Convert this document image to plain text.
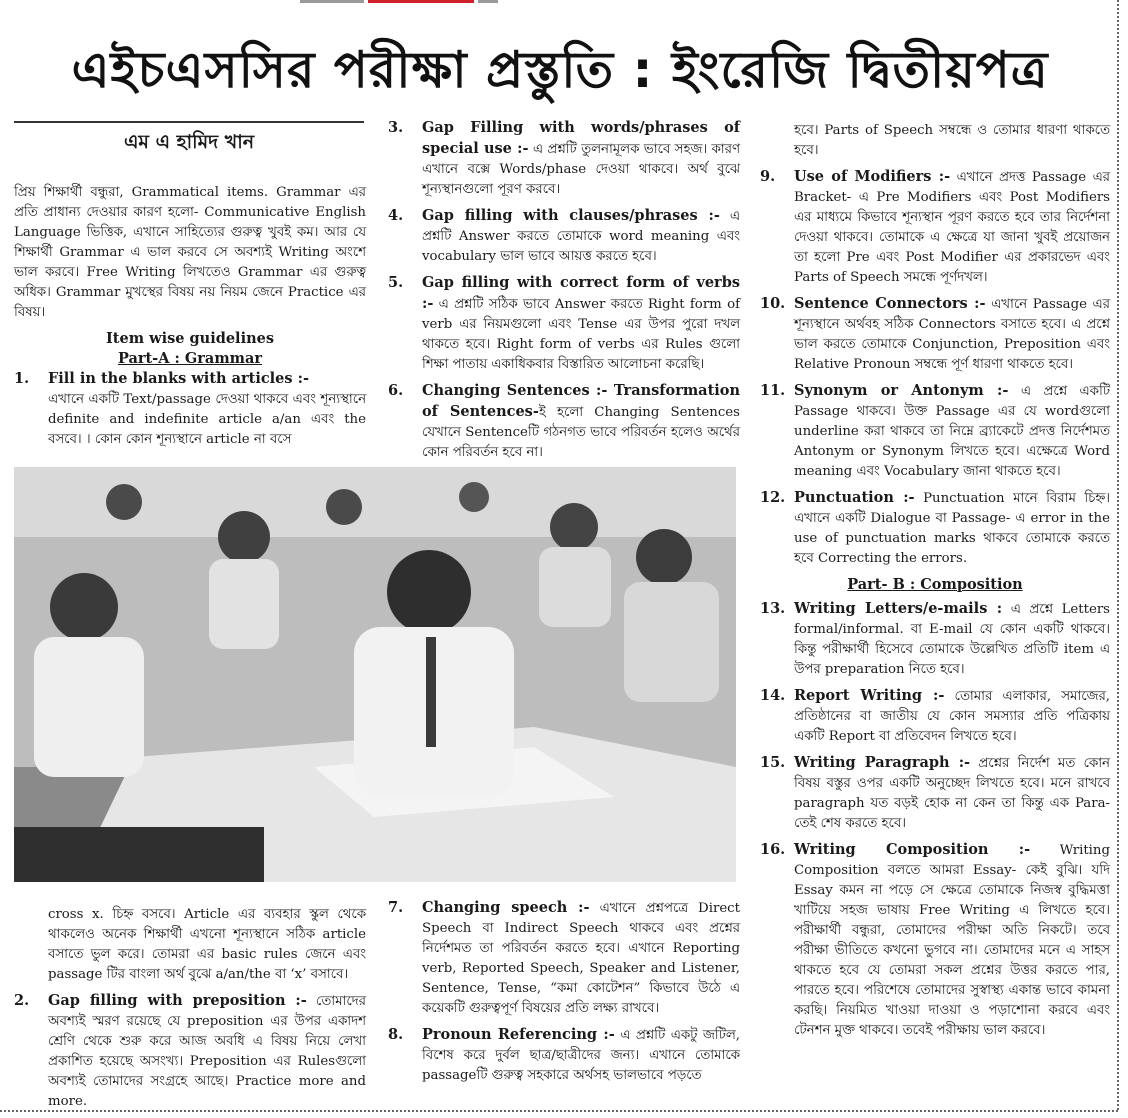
এইচএসসির পরীক্ষা প্রস্তুতি : ইংরেজি দ্বিতীয়পত্র
এম এ হামিদ খান

প্রিয় শিক্ষার্থী বন্ধুরা, Grammatical items. Grammar এর প্রতি প্রাধান্য দেওয়ার কারণ হলো- Communicative English Language ভিত্তিক, এখানে সাহিত্যের গুরুত্ব খুবই কম। আর যে শিক্ষার্থী Grammar এ ভাল করবে সে অবশ্যই Writing অংশে ভাল করবে। Free Writing লিখতেও Grammar এর গুরুত্ব অধিক। Grammar মুখস্থের বিষয় নয় নিয়ম জেনে Practice এর বিষয়।

Item wise guidelines

Part-A : Grammar

1.	Fill in the blanks with articles :-
এখানে একটি Text/passage দেওয়া থাকবে এবং শূন্যস্থানে definite and indefinite article a/an এবং the বসবে। । কোন কোন শূন্যস্থানে article না বসে

cross x. চিহ্ন বসবে। Article এর ব্যবহার স্কুল থেকে থাকলেও অনেক শিক্ষার্থী এখনো শূন্যস্থানে সঠিক article বসাতে ভুল করে। তোমরা এর basic rules জেনে এবং passage টির বাংলা অর্থ বুঝে a/an/the বা ‘x’ বসাবে।

2.	Gap filling with preposition :- তোমাদের অবশ্যই স্মরণ রয়েছে যে preposition এর উপর একাদশ শ্রেণি থেকে শুরু করে আজ অবধি এ বিষয় নিয়ে লেখা প্রকাশিত হয়েছে অসংখ্য। Preposition এর Rulesগুলো অবশ্যই তোমাদের সংগ্রহে আছে। Practice more and more.
3.	Gap Filling with words/phrases of special use :- এ প্রশ্নটি তুলনামূলক ভাবে সহজ। কারণ এখানে বক্সে Words/phase দেওয়া থাকবে। অর্থ বুঝে শূন্যস্থানগুলো পূরণ করবে।
4.	Gap filling with clauses/phrases :- এ প্রশ্নটি Answer করতে তোমাকে word meaning এবং vocabulary ভাল ভাবে আয়ত্ত করতে হবে।
5.	Gap filling with correct form of verbs :- এ প্রশ্নটি সঠিক ভাবে Answer করতে Right form of verb এর নিয়মগুলো এবং Tense এর উপর পুরো দখল থাকতে হবে। Right form of verbs এর Rules গুলো শিক্ষা পাতায় একাধিকবার বিস্তারিত আলোচনা করেছি।
6.	Changing Sentences :- Transformation of Sentences-ই হলো Changing Sentences যেখানে Sentenceটি গঠনগত ভাবে পরিবর্তন হলেও অর্থের কোন পরিবর্তন হবে না।
7.	Changing speech :- এখানে প্রশ্নপত্রে Direct Speech বা Indirect Speech থাকবে এবং প্রশ্নের নির্দেশমত তা পরিবর্তন করতে হবে। এখানে Reporting verb, Reported Speech, Speaker and Listener, Sentence, Tense, “কমা কোটেশন” কিভাবে উঠে এ কয়েকটি গুরুত্বপূর্ণ বিষয়ের প্রতি লক্ষ্য রাখবে।
8.	Pronoun Referencing :- এ প্রশ্নটি একটু জটিল, বিশেষ করে দুর্বল ছাত্র/ছাত্রীদের জন্য। এখানে তোমাকে passageটি গুরুত্ব সহকারে অর্থসহ ভালভাবে পড়তে

হবে। Parts of Speech সম্বন্ধে ও তোমার ধারণা থাকতে হবে।

9.	Use of Modifiers :- এখানে প্রদত্ত Passage এর Bracket- এ Pre Modifiers এবং Post Modifiers এর মাধ্যমে কিভাবে শূন্যস্থান পূরণ করতে হবে তার নির্দেশনা দেওয়া থাকবে। তোমাকে এ ক্ষেত্রে যা জানা খুবই প্রয়োজন তা হলো Pre এবং Post Modifier এর প্রকারভেদ এবং Parts of Speech সমন্ধে পূর্ণদখল।
10. Sentence Connectors :- এখানে Passage এর শূন্যস্থানে অর্থবহ সঠিক Connectors বসাতে হবে। এ প্রশ্নে ভাল করতে তোমাকে Conjunction, Preposition এবং Relative Pronoun সম্বন্ধে পূর্ণ ধারণা থাকতে হবে।
11. Synonym or Antonym :- এ প্রশ্নে একটি Passage থাকবে। উক্ত Passage এর যে wordগুলো underline করা থাকবে তা নিম্নে ব্র্যাকেটে প্রদত্ত নির্দেশমত Antonym or Synonym লিখতে হবে। এক্ষেত্রে Word meaning এবং Vocabulary জানা থাকতে হবে।
12. Punctuation :- Punctuation মানে বিরাম চিহ্ন। এখানে একটি Dialogue বা Passage- এ error in the use of punctuation marks থাকবে তোমাকে করতে হবে Correcting the errors.

Part- B : Composition

13. Writing Letters/e-mails : এ প্রশ্নে Letters formal/informal. বা E-mail যে কোন একটি থাকবে। কিন্তু পরীক্ষার্থী হিসেবে তোমাকে উল্লেখিত প্রতিটি item এ উপর preparation নিতে হবে।
14. Report Writing :- তোমার এলাকার, সমাজের, প্রতিষ্ঠানের বা জাতীয় যে কোন সমস্যার প্রতি পত্রিকায় একটি Report বা প্রতিবেদন লিখতে হবে।
15. Writing Paragraph :- প্রশ্নের নির্দেশ মত কোন বিষয় বস্তুর ওপর একটি অনুচ্ছেদ লিখতে হবে। মনে রাখবে paragraph যত বড়ই হোক না কেন তা কিন্তু এক Para-তেই শেষ করতে হবে।
16. Writing Composition :- Writing Composition বলতে আমরা Essay- কেই বুঝি। যদি Essay কমন না পড়ে সে ক্ষেত্রে তোমাকে নিজস্ব বুদ্ধিমত্তা খাটিয়ে সহজ ভাষায় Free Writing এ লিখতে হবে। পরীক্ষার্থী বন্ধুরা, তোমাদের পরীক্ষা অতি নিকটে। তবে পরীক্ষা ভীতিতে কখনো ভুগবে না। তোমাদের মনে এ সাহস থাকতে হবে যে তোমরা সকল প্রশ্নের উত্তর করতে পার, পারতে হবে। পরিশেষে তোমাদের সুস্বাস্থ্য একান্ত ভাবে কামনা করছি। নিয়মিত খাওয়া দাওয়া ও পড়াশোনা করবে এবং টেনশন মুক্ত থাকবে। তবেই পরীক্ষায় ভাল করবে।
